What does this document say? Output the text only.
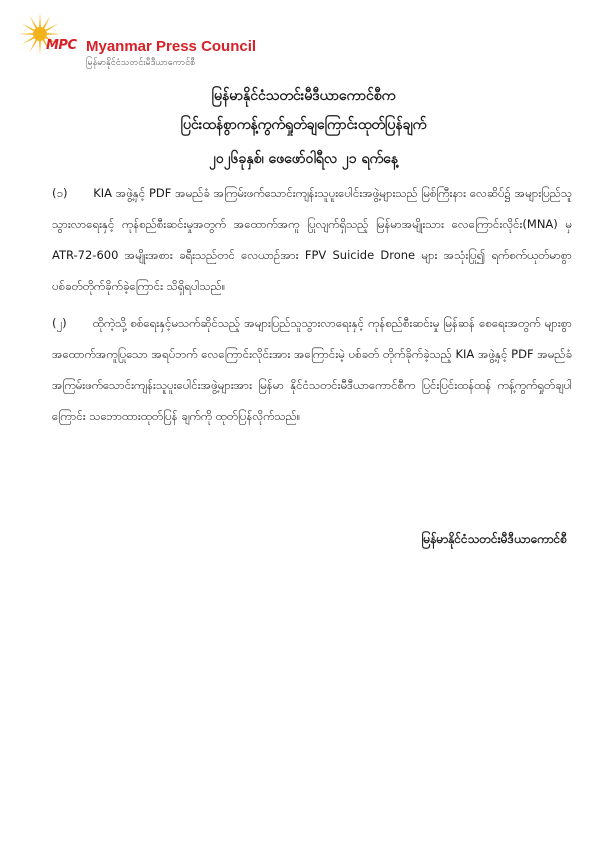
MPC Myanmar Press Council
မြန်မာနိုင်ငံသတင်းမီဒီယာကောင်စီ
မြန်မာနိုင်ငံသတင်းမီဒီယာကောင်စီက
ပြင်းထန်စွာကန့်ကွက်ရှုတ်ချကြောင်းထုတ်ပြန်ချက်
၂၀၂၆ခုနှစ်၊ ဖေဖော်ဝါရီလ ၂၁ ရက်နေ့
(၁) KIA အဖွဲ့နှင့် PDF အမည်ခံ အကြမ်းဖက်သောင်းကျန်းသူပူးပေါင်းအဖွဲ့များသည် မြစ်ကြီးနား လေဆိပ်၌ အများပြည်သူ သွားလာရေးနှင့် ကုန်စည်စီးဆင်းမှုအတွက် အထောက်အကူ ပြုလျက်ရှိသည့် မြန်မာအမျိုးသား လေကြောင်းလိုင်း(MNA) မှ ATR-72-600 အမျိုးအစား ခရီးသည်တင် လေယာဉ်အား FPV Suicide Drone များ အသုံးပြု၍ ရက်စက်ယုတ်မာစွာ ပစ်ခတ်တိုက်ခိုက်ခဲ့ကြောင်း သိရှိရပါသည်။
(၂) ထိုကဲ့သို့ စစ်ရေးနှင့်မသက်ဆိုင်သည့် အများပြည်သူသွားလာရေးနှင့် ကုန်စည်စီးဆင်းမှု မြန်ဆန် စေရေးအတွက် များစွာအထောက်အကူပြုသော အရပ်ဘက် လေကြောင်းလိုင်းအား အကြောင်းမဲ့ ပစ်ခတ် တိုက်ခိုက်ခဲ့သည့် KIA အဖွဲ့နှင့် PDF အမည်ခံအကြမ်းဖက်သောင်းကျန်းသူပူးပေါင်းအဖွဲ့များအား မြန်မာ နိုင်ငံသတင်းမီဒီယာကောင်စီက ပြင်းပြင်းထန်ထန် ကန့်ကွက်ရှုတ်ချပါကြောင်း သဘောထားထုတ်ပြန် ချက်ကို ထုတ်ပြန်လိုက်သည်။
မြန်မာနိုင်ငံသတင်းမီဒီယာကောင်စီ
